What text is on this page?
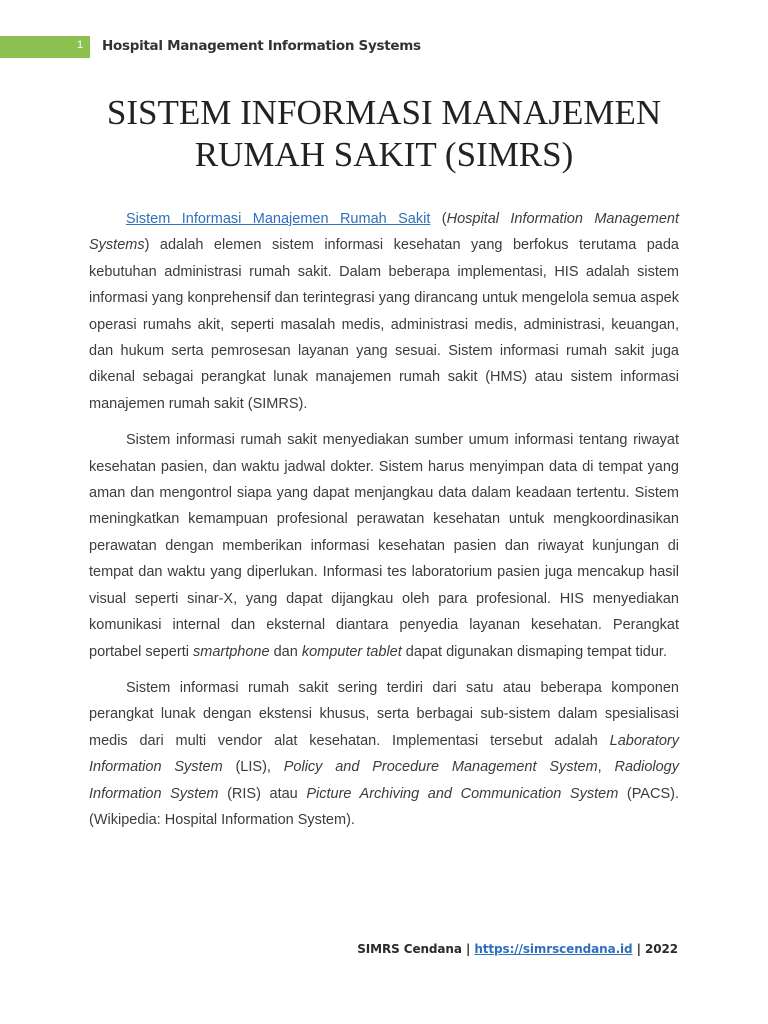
1 Hospital Management Information Systems
SISTEM INFORMASI MANAJEMEN
RUMAH SAKIT (SIMRS)

Sistem Informasi Manajemen Rumah Sakit (Hospital Information Management Systems) adalah elemen sistem informasi kesehatan yang berfokus terutama pada kebutuhan administrasi rumah sakit. Dalam beberapa implementasi, HIS adalah sistem informasi yang konprehensif dan terintegrasi yang dirancang untuk mengelola semua aspek operasi rumahs akit, seperti masalah medis, administrasi medis, administrasi, keuangan, dan hukum serta pemrosesan layanan yang sesuai. Sistem informasi rumah sakit juga dikenal sebagai perangkat lunak manajemen rumah sakit (HMS) atau sistem informasi manajemen rumah sakit (SIMRS).

Sistem informasi rumah sakit menyediakan sumber umum informasi tentang riwayat kesehatan pasien, dan waktu jadwal dokter. Sistem harus menyimpan data di tempat yang aman dan mengontrol siapa yang dapat menjangkau data dalam keadaan tertentu. Sistem meningkatkan kemampuan profesional perawatan kesehatan untuk mengkoordinasikan perawatan dengan memberikan informasi kesehatan pasien dan riwayat kunjungan di tempat dan waktu yang diperlukan. Informasi tes laboratorium pasien juga mencakup hasil visual seperti sinar-X, yang dapat dijangkau oleh para profesional. HIS menyediakan komunikasi internal dan eksternal diantara penyedia layanan kesehatan. Perangkat portabel seperti smartphone dan komputer tablet dapat digunakan dismaping tempat tidur.

Sistem informasi rumah sakit sering terdiri dari satu atau beberapa komponen perangkat lunak dengan ekstensi khusus, serta berbagai sub-sistem dalam spesialisasi medis dari multi vendor alat kesehatan. Implementasi tersebut adalah Laboratory Information System (LIS), Policy and Procedure Management System, Radiology Information System (RIS) atau Picture Archiving and Communication System (PACS). (Wikipedia: Hospital Information System).

SIMRS Cendana | https://simrscendana.id | 2022
